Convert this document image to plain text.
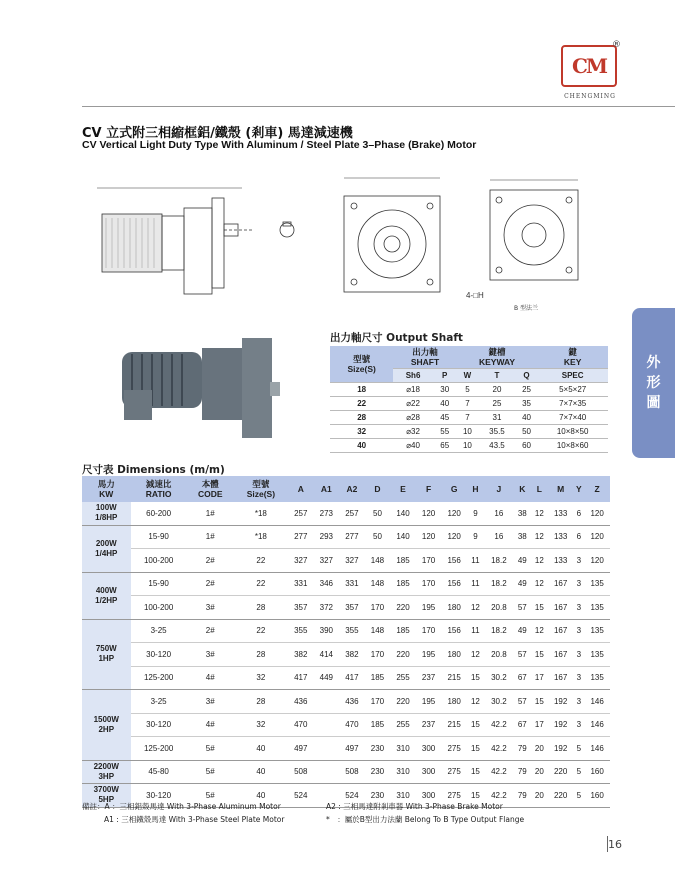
CM
®
CHENGMING
CV 立式附三相縮框鋁/鐵殼 (剎車) 馬達減速機
CV Vertical Light Duty Type With Aluminum / Steel Plate 3–Phase (Brake) Motor
4-□H
B 型法兰
外
形
圖
出力軸尺寸 Output Shaft
型號
Size(S)	出力軸
SHAFT		鍵槽
KEYWAY			鍵
KEY
	Sh6	P	W	T	Q	SPEC
18	⌀18	30	5	20	25	5×5×27
22	⌀22	40	7	25	35	7×7×35
28	⌀28	45	7	31	40	7×7×40
32	⌀32	55	10	35.5	50	10×8×50
40	⌀40	65	10	43.5	60	10×8×60
尺寸表 Dimensions (m/m)
馬力
KW	減速比
RATIO	本體
CODE	型號
Size(S)	A	A1	A2	D	E	F	G	H	J	K	L	M	Y	Z
100W
1/8HP	60-200	1#	*18	257	273	257	50	140	120	120	9	16	38	12	133	6	120
200W
1/4HP	15-90	1#	*18	277	293	277	50	140	120	120	9	16	38	12	133	6	120
	100-200	2#	22	327	327	327	148	185	170	156	11	18.2	49	12	133	3	120
400W
1/2HP	15-90	2#	22	331	346	331	148	185	170	156	11	18.2	49	12	167	3	135
	100-200	3#	28	357	372	357	170	220	195	180	12	20.8	57	15	167	3	135
750W
1HP	3-25	2#	22	355	390	355	148	185	170	156	11	18.2	49	12	167	3	135
	30-120	3#	28	382	414	382	170	220	195	180	12	20.8	57	15	167	3	135
	125-200	4#	32	417	449	417	185	255	237	215	15	30.2	67	17	167	3	135
1500W
2HP	3-25	3#	28	436		436	170	220	195	180	12	30.2	57	15	192	3	146
	30-120	4#	32	470		470	185	255	237	215	15	42.2	67	17	192	3	146
	125-200	5#	40	497		497	230	310	300	275	15	42.2	79	20	192	5	146
2200W
3HP	45-80	5#	40	508		508	230	310	300	275	15	42.2	79	20	220	5	160
3700W
5HP	30-120	5#	40	524		524	230	310	300	275	15	42.2	79	20	220	5	160
備註：A ：三相鋁殼馬達 With 3-Phase Aluminum Motor
A1 : 三相鐵殼馬達 With 3-Phase Steel Plate Motor
A2 : 三相馬達附剎車器 With 3-Phase Brake Motor
*　：屬於B型出力法蘭 Belong To B Type Output Flange
16
